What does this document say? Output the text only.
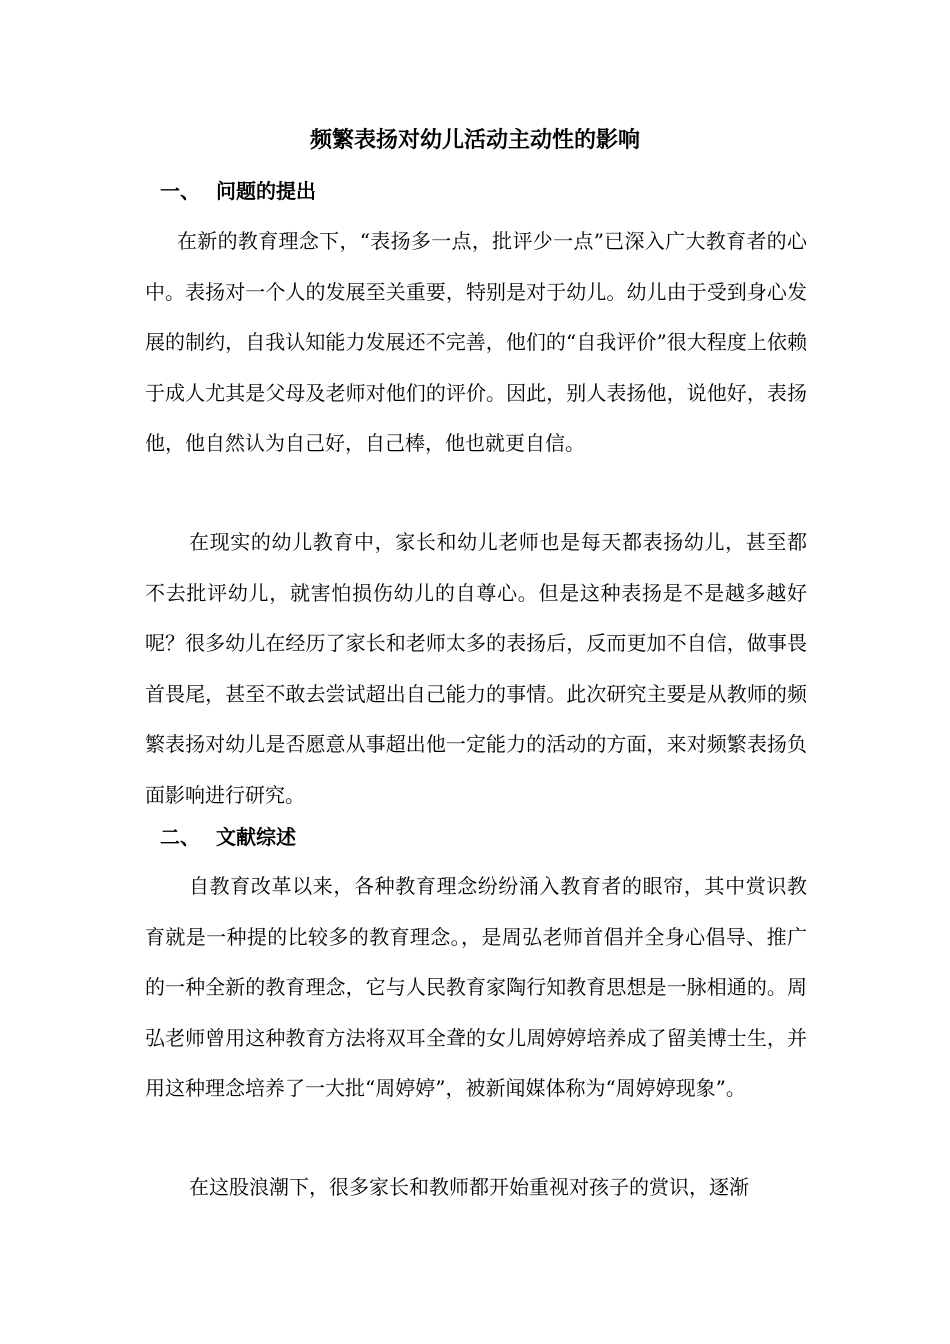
频繁表扬对幼儿活动主动性的影响
一、 问题的提出

在新的教育理念下，“表扬多一点，批评少一点”已深入广大教育者的心中。表扬对一个人的发展至关重要，特别是对于幼儿。幼儿由于受到身心发展的制约，自我认知能力发展还不完善，他们的“自我评价”很大程度上依赖于成人尤其是父母及老师对他们的评价。因此，别人表扬他，说他好，表扬他，他自然认为自己好，自己棒，他也就更自信。

在现实的幼儿教育中，家长和幼儿老师也是每天都表扬幼儿，甚至都不去批评幼儿，就害怕损伤幼儿的自尊心。但是这种表扬是不是越多越好呢？很多幼儿在经历了家长和老师太多的表扬后，反而更加不自信，做事畏首畏尾，甚至不敢去尝试超出自己能力的事情。此次研究主要是从教师的频繁表扬对幼儿是否愿意从事超出他一定能力的活动的方面，来对频繁表扬负面影响进行研究。

二、 文献综述

自教育改革以来，各种教育理念纷纷涌入教育者的眼帘，其中赏识教育就是一种提的比较多的教育理念。，是周弘老师首倡并全身心倡导、推广的一种全新的教育理念，它与人民教育家陶行知教育思想是一脉相通的。周弘老师曾用这种教育方法将双耳全聋的女儿周婷婷培养成了留美博士生，并用这种理念培养了一大批“周婷婷”，被新闻媒体称为“周婷婷现象”。

在这股浪潮下，很多家长和教师都开始重视对孩子的赏识，逐渐
